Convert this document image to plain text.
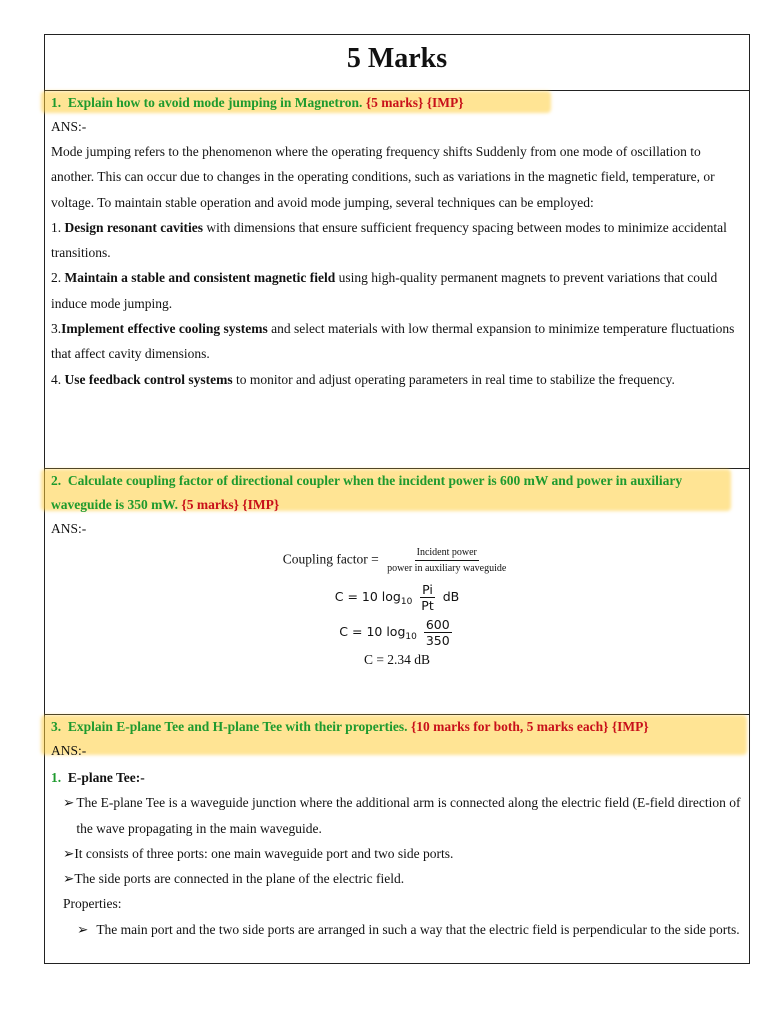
5 Marks
1. Explain how to avoid mode jumping in Magnetron. {5 marks} {IMP}
ANS:-
Mode jumping refers to the phenomenon where the operating frequency shifts Suddenly from one mode of oscillation to another. This can occur due to changes in the operating conditions, such as variations in the magnetic field, temperature, or voltage. To maintain stable operation and avoid mode jumping, several techniques can be employed:
1. Design resonant cavities with dimensions that ensure sufficient frequency spacing between modes to minimize accidental transitions.
2. Maintain a stable and consistent magnetic field using high-quality permanent magnets to prevent variations that could induce mode jumping.
3.Implement effective cooling systems and select materials with low thermal expansion to minimize temperature fluctuations that affect cavity dimensions.
4. Use feedback control systems to monitor and adjust operating parameters in real time to stabilize the frequency.
2. Calculate coupling factor of directional coupler when the incident power is 600 mW and power in auxiliary waveguide is 350 mW. {5 marks} {IMP}
ANS:-
Coupling factor = $\frac{\text{Incident power}}{\text{power in auxiliary waveguide}}$
C = 10 $\log_{10} \frac{Pi}{Pt}$ dB
C = 10 $\log_{10} \frac{600}{350}$
C = 2.34 dB
3. Explain E-plane Tee and H-plane Tee with their properties. {10 marks for both, 5 marks each} {IMP}
ANS:-
1. E-plane Tee:-
➢ The E-plane Tee is a waveguide junction where the additional arm is connected along the electric field (E-field direction of the wave propagating in the main waveguide.
➢It consists of three ports: one main waveguide port and two side ports.
➢The side ports are connected in the plane of the electric field.
Properties:
➢ The main port and the two side ports are arranged in such a way that the electric field is perpendicular to the side ports.
